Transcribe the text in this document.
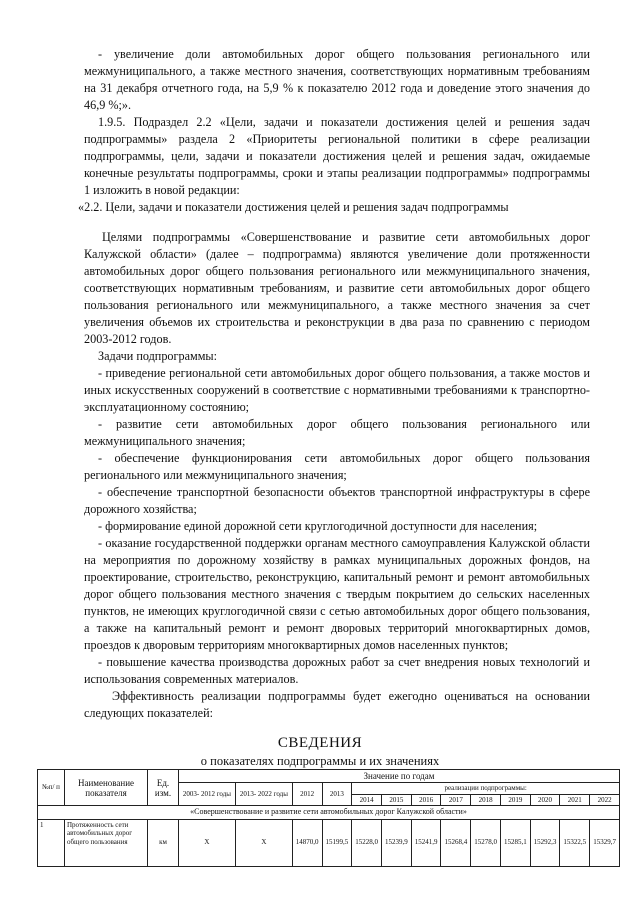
- увеличение доли автомобильных дорог общего пользования регионального или межмуниципального, а также местного значения, соответствующих нормативным требованиям на 31 декабря отчетного года, на 5,9 % к показателю 2012 года и доведение этого значения до 46,9 %;».

1.9.5. Подраздел 2.2 «Цели, задачи и показатели достижения целей и решения задач подпрограммы» раздела 2 «Приоритеты региональной политики в сфере реализации подпрограммы, цели, задачи и показатели достижения целей и решения задач, ожидаемые конечные результаты подпрограммы, сроки и этапы реализации подпрограммы» подпрограммы 1 изложить в новой редакции:

«2.2. Цели, задачи и показатели достижения целей и решения задач подпрограммы

Целями подпрограммы «Совершенствование и развитие сети автомобильных дорог Калужской области» (далее – подпрограмма) являются увеличение доли протяженности автомобильных дорог общего пользования регионального или межмуниципального значения, соответствующих нормативным требованиям, и развитие сети автомобильных дорог общего пользования регионального или межмуниципального, а также местного значения за счет увеличения объемов их строительства и реконструкции в два раза по сравнению с периодом 2003-2012 годов.

Задачи подпрограммы:

- приведение региональной сети автомобильных дорог общего пользования, а также мостов и иных искусственных сооружений в соответствие с нормативными требованиями к транспортно-эксплуатационному состоянию;

- развитие сети автомобильных дорог общего пользования регионального или межмуниципального значения;

- обеспечение функционирования сети автомобильных дорог общего пользования регионального или межмуниципального значения;

- обеспечение транспортной безопасности объектов транспортной инфраструктуры в сфере дорожного хозяйства;

- формирование единой дорожной сети круглогодичной доступности для населения;

- оказание государственной поддержки органам местного самоуправления Калужской области на мероприятия по дорожному хозяйству в рамках муниципальных дорожных фондов, на проектирование, строительство, реконструкцию, капитальный ремонт и ремонт автомобильных дорог общего пользования местного значения с твердым покрытием до сельских населенных пунктов, не имеющих круглогодичной связи с сетью автомобильных дорог общего пользования, а также на капитальный ремонт и ремонт дворовых территорий многоквартирных домов, проездов к дворовым территориям многоквартирных домов населенных пунктов;

- повышение качества производства дорожных работ за счет внедрения новых технологий и использования современных материалов.

Эффективность реализации подпрограммы будет ежегодно оцениваться на основании следующих показателей:

СВЕДЕНИЯ
о показателях подпрограммы и их значениях
№п/ п	Наименование показателя	Ед. изм.	Значение по годам												
			2003- 2012 годы	2013- 2022 годы	2012	2013	реализации подпрограммы:								
							2014	2015	2016	2017	2018	2019	2020	2021	2022
«Совершенствование и развитие сети автомобильных дорог Калужской области»															
1	Протяженность сети автомобильных дорог общего пользования	км	Х	Х	14870,0	15199,5	15228,0	15239,9	15241,9	15268,4	15278,0	15285,1	15292,3	15322,5	15329,7
